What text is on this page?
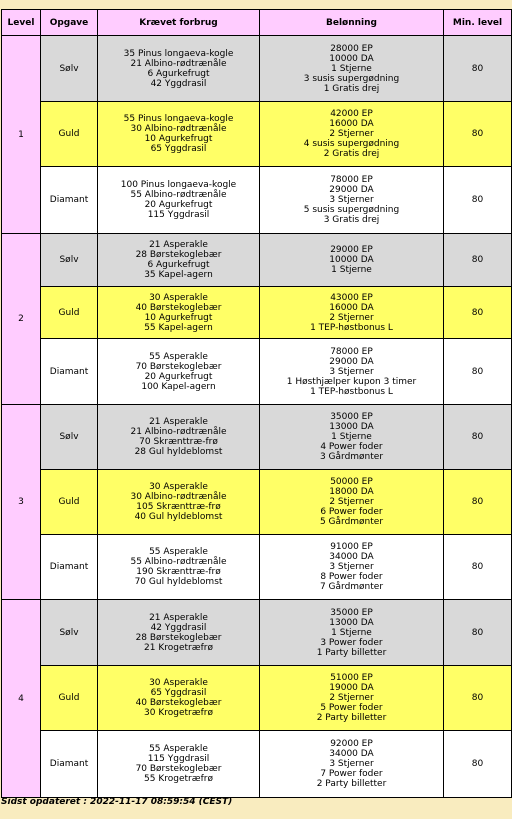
Level	Opgave	Krævet forbrug	Belønning	Min. level
1	Sølv	35 Pinus longaeva-kogle
21 Albino-rødtrænåle
6 Agurkefrugt
42 Yggdrasil	28000 EP
10000 DA
1 Stjerne
3 susis supergødning
1 Gratis drej	80
	Guld	55 Pinus longaeva-kogle
30 Albino-rødtrænåle
10 Agurkefrugt
65 Yggdrasil	42000 EP
16000 DA
2 Stjerner
4 susis supergødning
2 Gratis drej	80
	Diamant	100 Pinus longaeva-kogle
55 Albino-rødtrænåle
20 Agurkefrugt
115 Yggdrasil	78000 EP
29000 DA
3 Stjerner
5 susis supergødning
3 Gratis drej	80
2	Sølv	21 Asperakle
28 Børstekoglebær
6 Agurkefrugt
35 Kapel-agern	29000 EP
10000 DA
1 Stjerne	80
	Guld	30 Asperakle
40 Børstekoglebær
10 Agurkefrugt
55 Kapel-agern	43000 EP
16000 DA
2 Stjerner
1 TEP-høstbonus L	80
	Diamant	55 Asperakle
70 Børstekoglebær
20 Agurkefrugt
100 Kapel-agern	78000 EP
29000 DA
3 Stjerner
1 Høsthjælper kupon 3 timer
1 TEP-høstbonus L	80
3	Sølv	21 Asperakle
21 Albino-rødtrænåle
70 Skrænttræ-frø
28 Gul hyldeblomst	35000 EP
13000 DA
1 Stjerne
4 Power foder
3 Gårdmønter	80
	Guld	30 Asperakle
30 Albino-rødtrænåle
105 Skrænttræ-frø
40 Gul hyldeblomst	50000 EP
18000 DA
2 Stjerner
6 Power foder
5 Gårdmønter	80
	Diamant	55 Asperakle
55 Albino-rødtrænåle
190 Skrænttræ-frø
70 Gul hyldeblomst	91000 EP
34000 DA
3 Stjerner
8 Power foder
7 Gårdmønter	80
4	Sølv	21 Asperakle
42 Yggdrasil
28 Børstekoglebær
21 Krogetræfrø	35000 EP
13000 DA
1 Stjerne
3 Power foder
1 Party billetter	80
	Guld	30 Asperakle
65 Yggdrasil
40 Børstekoglebær
30 Krogetræfrø	51000 EP
19000 DA
2 Stjerner
5 Power foder
2 Party billetter	80
	Diamant	55 Asperakle
115 Yggdrasil
70 Børstekoglebær
55 Krogetræfrø	92000 EP
34000 DA
3 Stjerner
7 Power foder
2 Party billetter	80
Sidst opdateret : 2022-11-17 08:59:54 (CEST)
